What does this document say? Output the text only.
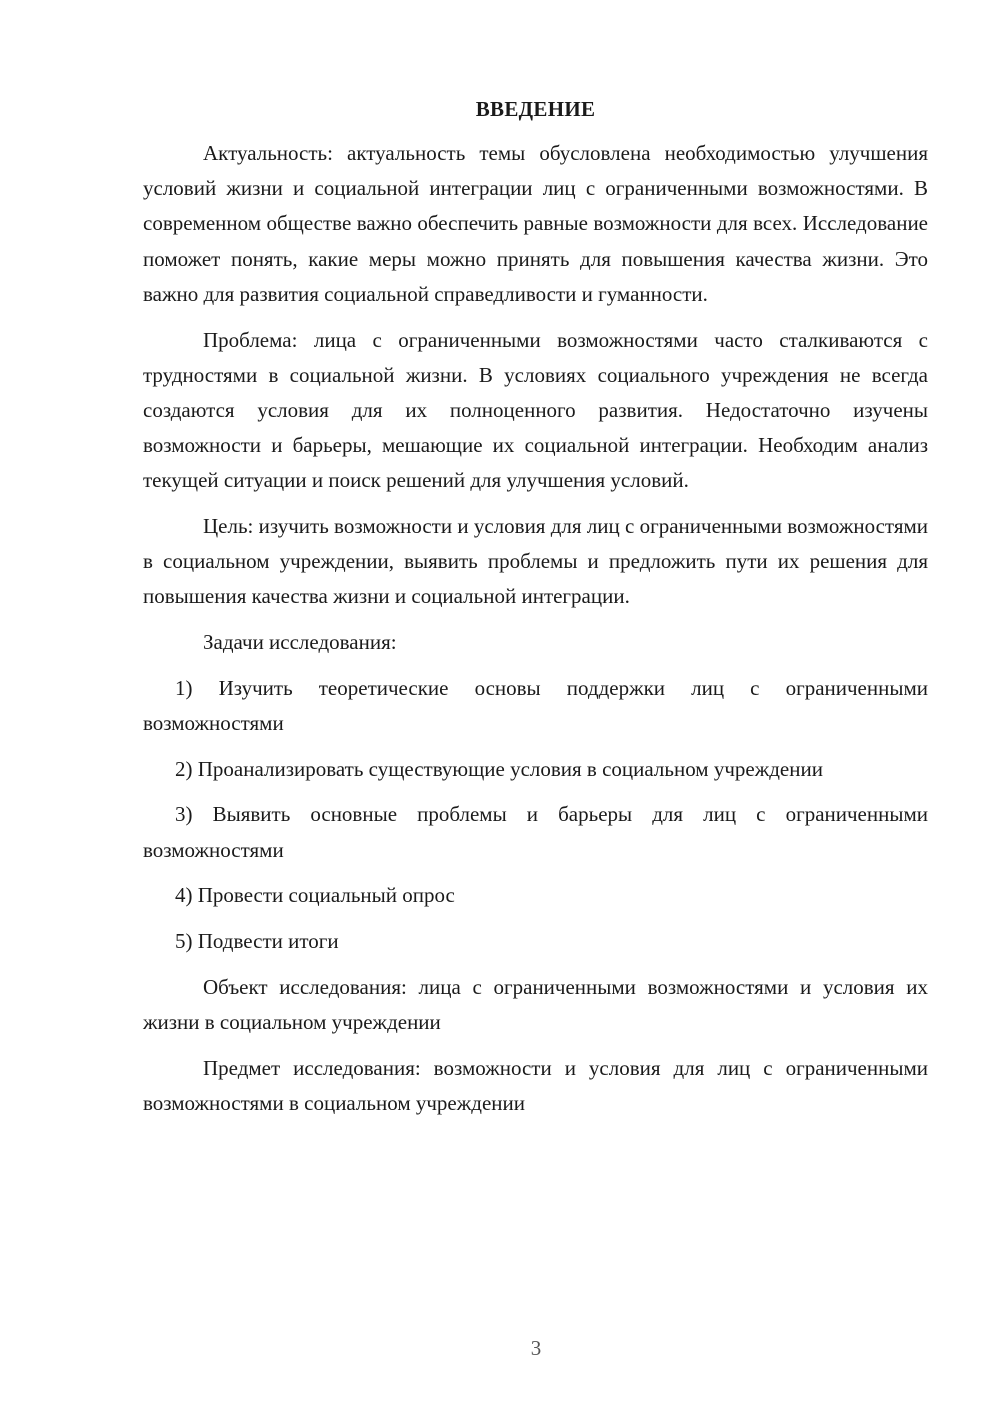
ВВЕДЕНИЕ

Актуальность: актуальность темы обусловлена необходимостью улучшения условий жизни и социальной интеграции лиц с ограниченными возможностями. В современном обществе важно обеспечить равные возможности для всех. Исследование поможет понять, какие меры можно принять для повышения качества жизни. Это важно для развития социальной справедливости и гуманности.

Проблема: лица с ограниченными возможностями часто сталкиваются с трудностями в социальной жизни. В условиях социального учреждения не всегда создаются условия для их полноценного развития. Недостаточно изучены возможности и барьеры, мешающие их социальной интеграции. Необходим анализ текущей ситуации и поиск решений для улучшения условий.

Цель: изучить возможности и условия для лиц с ограниченными возможностями в социальном учреждении, выявить проблемы и предложить пути их решения для повышения качества жизни и социальной интеграции.

Задачи исследования:

1) Изучить теоретические основы поддержки лиц с ограниченными возможностями

2) Проанализировать существующие условия в социальном учреждении

3) Выявить основные проблемы и барьеры для лиц с ограниченными возможностями

4) Провести социальный опрос

5) Подвести итоги

Объект исследования: лица с ограниченными возможностями и условия их жизни в социальном учреждении

Предмет исследования: возможности и условия для лиц с ограниченными возможностями в социальном учреждении

3
